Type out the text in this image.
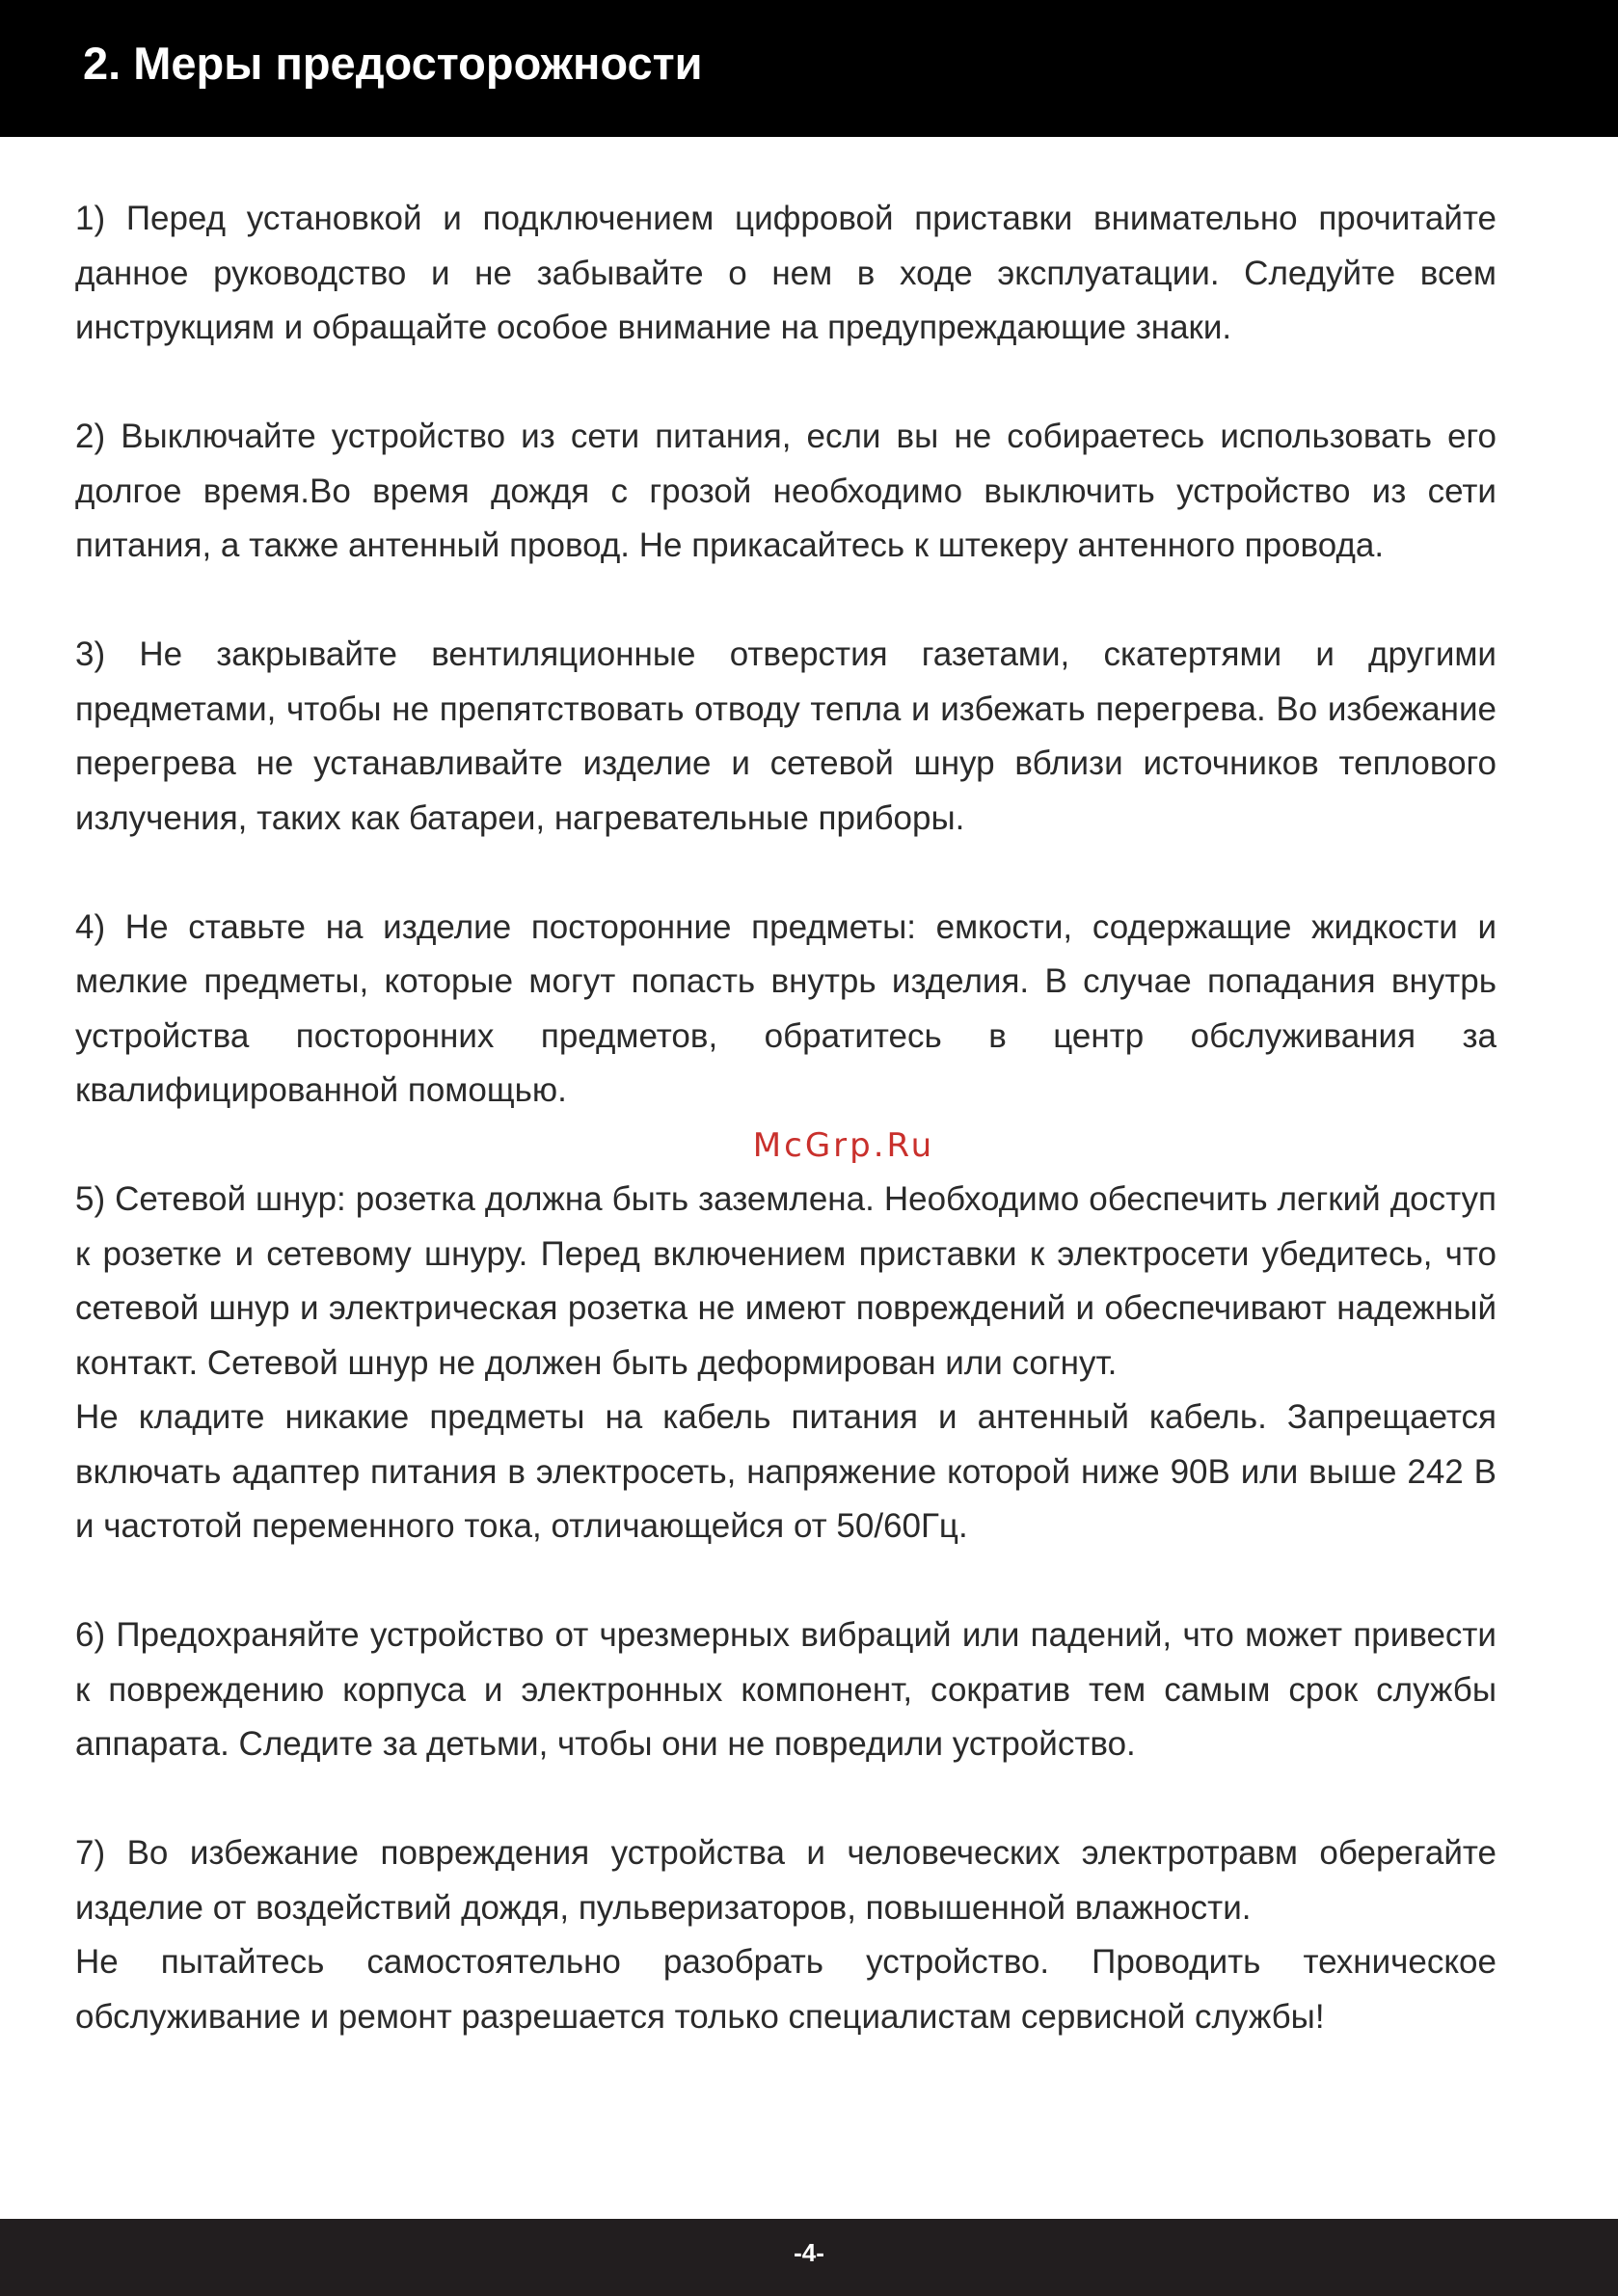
2. Меры предосторожности

1) Перед установкой и подключением цифровой приставки внимательно прочитайте данное руководство и не забывайте о нем в ходе эксплуатации. Следуйте всем инструкциям и обращайте особое внимание на предупреждающие знаки.

2) Выключайте устройство из сети питания, если вы не собираетесь использовать его долгое время.Во время дождя с грозой необходимо выключить устройство из сети питания, а также антенный провод. Не прикасайтесь к штекеру антенного провода.

3) Не закрывайте вентиляционные отверстия газетами, скатертями и другими предметами, чтобы не препятствовать отводу тепла и избежать перегрева. Во избежание перегрева не устанавливайте изделие и сетевой шнур вблизи источников теплового излучения, таких как батареи, нагревательные приборы.

4) Не ставьте на изделие посторонние предметы: емкости, содержащие жидкости и мелкие предметы, которые могут попасть внутрь изделия. В случае попадания внутрь устройства посторонних предметов, обратитесь в центр обслуживания за квалифицированной помощью.

McGrp.Ru

5) Сетевой шнур: розетка должна быть заземлена. Необходимо обеспечить легкий доступ к розетке и сетевому шнуру. Перед включением приставки к электросети убедитесь, что сетевой шнур и электрическая розетка не имеют повреждений и обеспечивают надежный контакт. Сетевой шнур не должен быть деформирован или согнут.

Не кладите никакие предметы на кабель питания и антенный кабель. Запрещается включать адаптер питания в электросеть, напряжение которой ниже 90В или выше 242 В и частотой переменного тока, отличающейся от 50/60Гц.

6) Предохраняйте устройство от чрезмерных вибраций или падений, что может привести к повреждению корпуса и электронных компонент, сократив тем самым срок службы аппарата. Следите за детьми, чтобы они не повредили устройство.

7) Во избежание повреждения устройства и человеческих электротравм оберегайте изделие от воздействий дождя, пульверизаторов, повышенной влажности.

Не пытайтесь самостоятельно разобрать устройство. Проводить техническое обслуживание и ремонт разрешается только специалистам сервисной службы!

-4-
